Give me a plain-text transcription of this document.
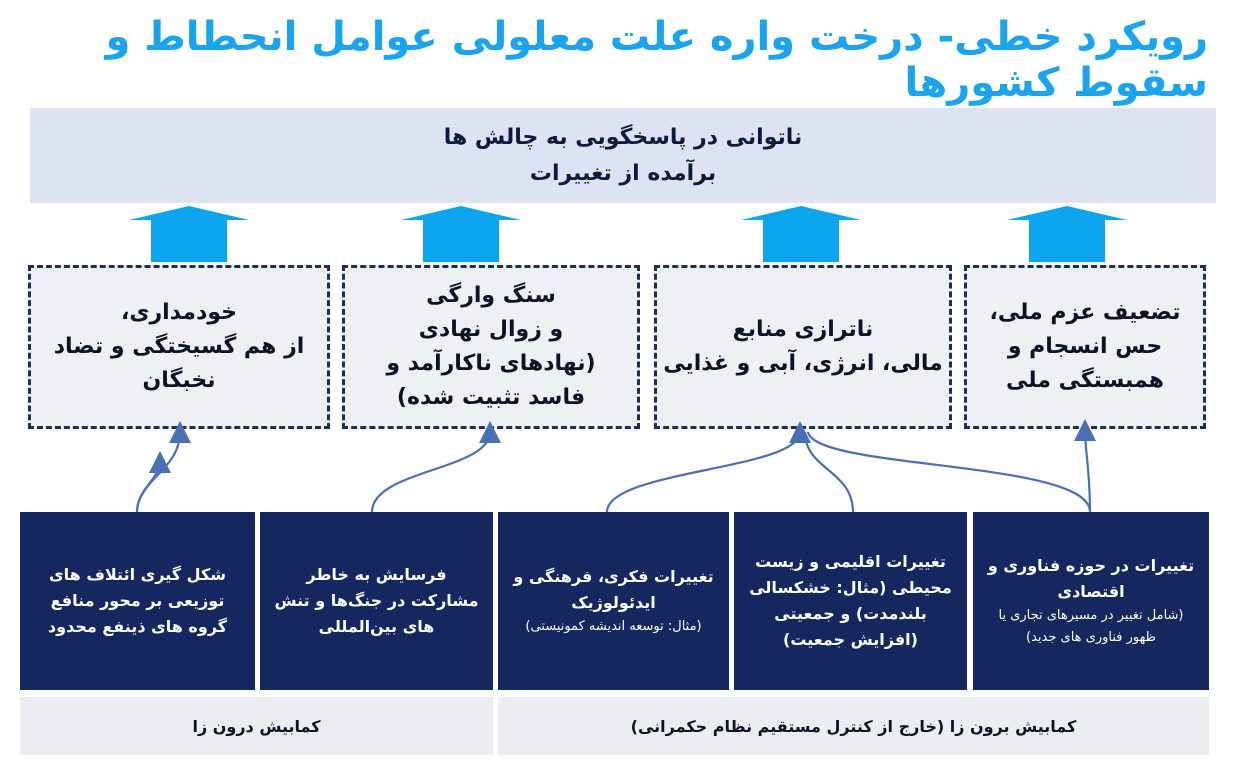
رویکرد خطی- درخت واره علت معلولی عوامل انحطاط و سقوط کشورها
ناتوانی در پاسخگویی به چالش ها
برآمده از تغییرات
خودمداری،
از هم گسیختگی و تضاد
نخبگان
سنگ وارگی
و زوال نهادی
(نهادهای ناکارآمد و
فاسد تثبیت شده)
ناترازی منابع
مالی، انرژی، آبی و غذایی
تضعیف عزم ملی،
حس انسجام و
همبستگی ملی
شکل گیری ائتلاف های توزیعی بر محور منافع گروه های ذینفع محدود
فرسایش به خاطر مشارکت در جنگ‌ها و تنش های بین‌المللی
تغییرات فکری، فرهنگی و ایدئولوژیک
(مثال: توسعه اندیشه کمونیستی)
تغییرات اقلیمی و زیست محیطی (مثال: خشکسالی بلندمدت) و جمعیتی (افزایش جمعیت)
تغییرات در حوزه فناوری و اقتصادی
(شامل تغییر در مسیرهای تجاری یا ظهور فناوری های جدید)
کمابیش درون زا	کمابیش برون زا (خارج از کنترل مستقیم نظام حکمرانی)
